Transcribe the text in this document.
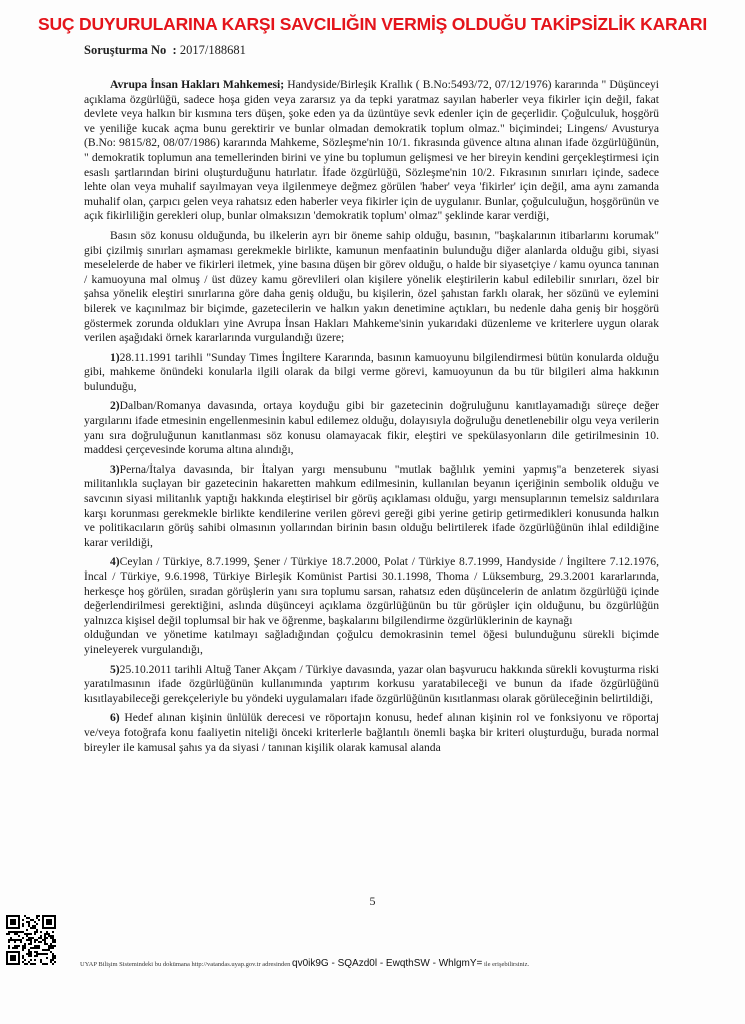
SUÇ DUYURULARINA KARŞI SAVCILIĞIN VERMİŞ OLDUĞU TAKİPSİZLİK KARARI
Soruşturma No : 2017/188681

Avrupa İnsan Hakları Mahkemesi; Handyside/Birleşik Krallık ( B.No:5493/72, 07/12/1976) kararında " Düşünceyi açıklama özgürlüğü, sadece hoşa giden veya zararsız ya da tepki yaratmaz sayılan haberler veya fikirler için değil, fakat devlete veya halkın bir kısmına ters düşen, şoke eden ya da üzüntüye sevk edenler için de geçerlidir. Çoğulculuk, hoşgörü ve yeniliğe kucak açma bunu gerektirir ve bunlar olmadan demokratik toplum olmaz." biçimindei; Lingens/ Avusturya (B.No: 9815/82, 08/07/1986) kararında Mahkeme, Sözleşme'nin 10/1. fıkrasında güvence altına alınan ifade özgürlüğünün, " demokratik toplumun ana temellerinden birini ve yine bu toplumun gelişmesi ve her bireyin kendini gerçekleştirmesi için esaslı şartlarından birini oluşturduğunu hatırlatır. İfade özgürlüğü, Sözleşme'nin 10/2. Fıkrasının sınırları içinde, sadece lehte olan veya muhalif sayılmayan veya ilgilenmeye değmez görülen 'haber' veya 'fikirler' için değil, ama aynı zamanda muhalif olan, çarpıcı gelen veya rahatsız eden haberler veya fikirler için de uygulanır. Bunlar, çoğulculuğun, hoşgörünün ve açık fikirliliğin gerekleri olup, bunlar olmaksızın 'demokratik toplum' olmaz" şeklinde karar verdiği,

Basın söz konusu olduğunda, bu ilkelerin ayrı bir öneme sahip olduğu, basının, "başkalarının itibarlarını korumak" gibi çizilmiş sınırları aşmaması gerekmekle birlikte, kamunun menfaatinin bulunduğu diğer alanlarda olduğu gibi, siyasi meselelerde de haber ve fikirleri iletmek, yine basına düşen bir görev olduğu, o halde bir siyasetçiye / kamu oyunca tanınan / kamuoyuna mal olmuş / üst düzey kamu görevlileri olan kişilere yönelik eleştirilerin kabul edilebilir sınırları, özel bir şahsa yönelik eleştiri sınırlarına göre daha geniş olduğu, bu kişilerin, özel şahıstan farklı olarak, her sözünü ve eylemini bilerek ve kaçınılmaz bir biçimde, gazetecilerin ve halkın yakın denetimine açtıkları, bu nedenle daha geniş bir hoşgörü göstermek zorunda oldukları yine Avrupa İnsan Hakları Mahkeme'sinin yukarıdaki düzenleme ve kriterlere uygun olarak verilen aşağıdaki örnek kararlarında vurgulandığı üzere;

1)28.11.1991 tarihli "Sunday Times İngiltere Kararında, basının kamuoyunu bilgilendirmesi bütün konularda olduğu gibi, mahkeme önündeki konularla ilgili olarak da bilgi verme görevi, kamuoyunun da bu tür bilgileri alma hakkının bulunduğu,

2)Dalban/Romanya davasında, ortaya koyduğu gibi bir gazetecinin doğruluğunu kanıtlayamadığı süreçe değer yargılarını ifade etmesinin engellenmesinin kabul edilemez olduğu, dolayısıyla doğruluğu denetlenebilir olgu veya verilerin yanı sıra doğruluğunun kanıtlanması söz konusu olamayacak fikir, eleştiri ve spekülasyonların dile getirilmesinin 10. maddesi çerçevesinde koruma altına alındığı,

3)Perna/İtalya davasında, bir İtalyan yargı mensubunu "mutlak bağlılık yemini yapmış"a benzeterek siyasi militanlıkla suçlayan bir gazetecinin hakaretten mahkum edilmesinin, kullanılan beyanın içeriğinin sembolik olduğu ve savcının siyasi militanlık yaptığı hakkında eleştirisel bir görüş açıklaması olduğu, yargı mensuplarının temelsiz saldırılara karşı korunması gerekmekle birlikte kendilerine verilen görevi gereği gibi yerine getirip getirmedikleri konusunda halkın ve politikacıların görüş sahibi olmasının yollarından birinin basın olduğu belirtilerek ifade özgürlüğünün ihlal edildiğine karar verildiği,

4)Ceylan / Türkiye, 8.7.1999, Şener / Türkiye 18.7.2000, Polat / Türkiye 8.7.1999, Handyside / İngiltere 7.12.1976, İncal / Türkiye, 9.6.1998, Türkiye Birleşik Komünist Partisi 30.1.1998, Thoma / Lüksemburg, 29.3.2001 kararlarında, herkesçe hoş görülen, sıradan görüşlerin yanı sıra toplumu sarsan, rahatsız eden düşüncelerin de anlatım özgürlüğü içinde değerlendirilmesi gerektiğini, aslında düşünceyi açıklama özgürlüğünün bu tür görüşler için olduğunu, bu özgürlüğün yalnızca kişisel değil toplumsal bir hak ve öğrenme, başkalarını bilgilendirme özgürlüklerinin de kaynağı

olduğundan ve yönetime katılmayı sağladığından çoğulcu demokrasinin temel öğesi bulunduğunu sürekli biçimde yineleyerek vurgulandığı,

5)25.10.2011 tarihli Altuğ Taner Akçam / Türkiye davasında, yazar olan başvurucu hakkında sürekli kovuşturma riski yaratılmasının ifade özgürlüğünün kullanımında yaptırım korkusu yaratabileceği ve bunun da ifade özgürlüğünü kısıtlayabileceği gerekçeleriyle bu yöndeki uygulamaları ifade özgürlüğünün kısıtlanması olarak görüleceğinin belirtildiği,

6) Hedef alınan kişinin ünlülük derecesi ve röportajın konusu, hedef alınan kişinin rol ve fonksiyonu ve röportaj ve/veya fotoğrafa konu faaliyetin niteliği önceki kriterlerle bağlantılı önemli başka bir kriteri oluşturduğu, burada normal bireyler ile kamusal şahıs ya da siyasi / tanınan kişilik olarak kamusal alanda

5
UYAP Bilişim Sistemindeki bu dokümana http://vatandas.uyap.gov.tr adresinden qv0ik9G - SQAzd0l - EwqthSW - WhlgmY= ile erişebilirsiniz.
